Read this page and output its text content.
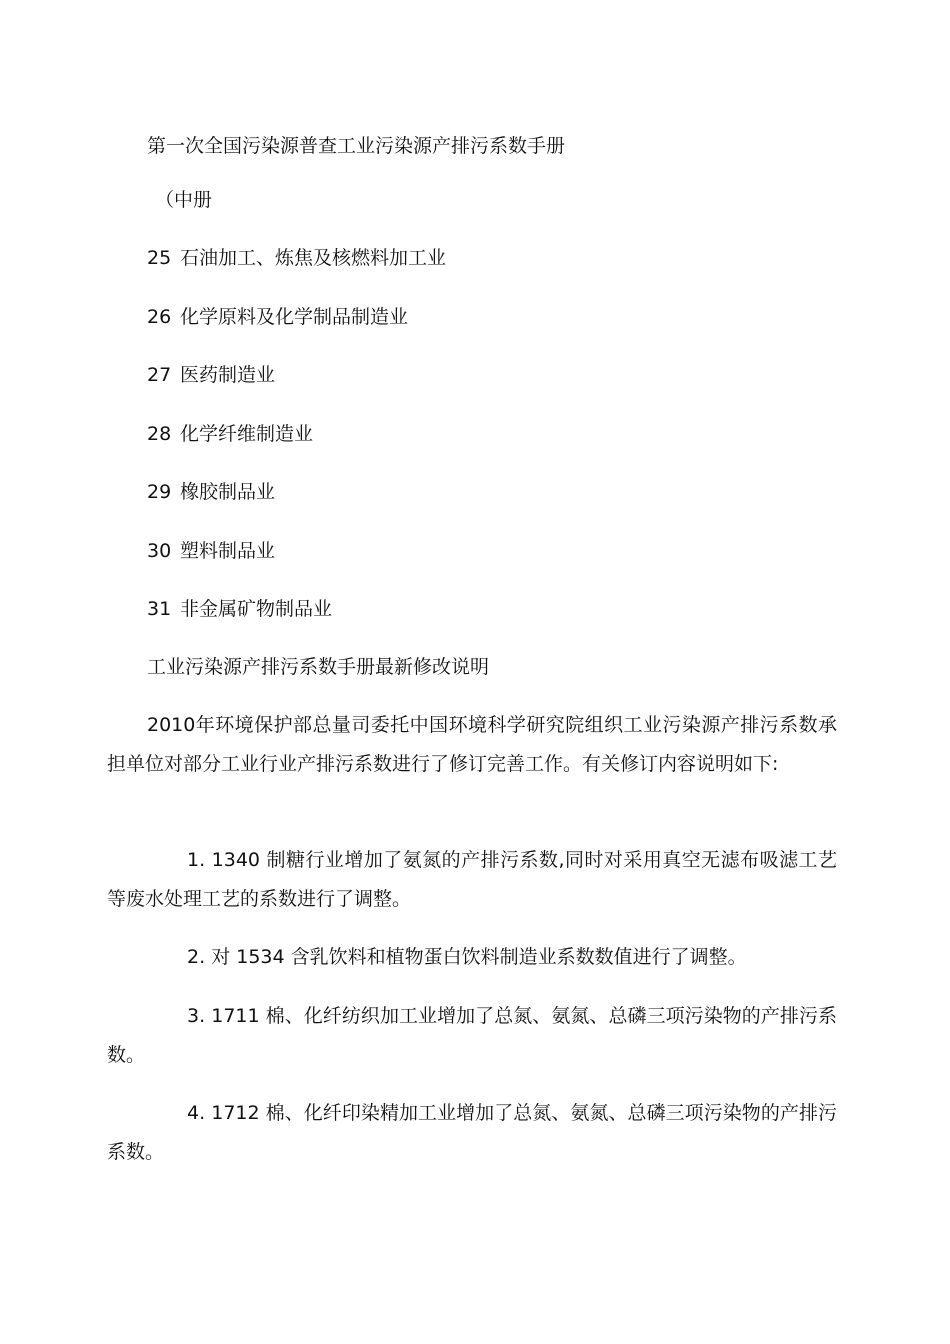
第一次全国污染源普查工业污染源产排污系数手册
（中册
25 石油加工、炼焦及核燃料加工业
26 化学原料及化学制品制造业
27 医药制造业
28 化学纤维制造业
29 橡胶制品业
30 塑料制品业
31 非金属矿物制品业
工业污染源产排污系数手册最新修改说明
2010年环境保护部总量司委托中国环境科学研究院组织工业污染源产排污系数承担单位对部分工业行业产排污系数进行了修订完善工作。有关修订内容说明如下:
1. 1340 制糖行业增加了氨氮的产排污系数,同时对采用真空无滤布吸滤工艺等废水处理工艺的系数进行了调整。
2. 对 1534 含乳饮料和植物蛋白饮料制造业系数数值进行了调整。
3. 1711 棉、化纤纺织加工业增加了总氮、氨氮、总磷三项污染物的产排污系数。
4. 1712 棉、化纤印染精加工业增加了总氮、氨氮、总磷三项污染物的产排污系数。
